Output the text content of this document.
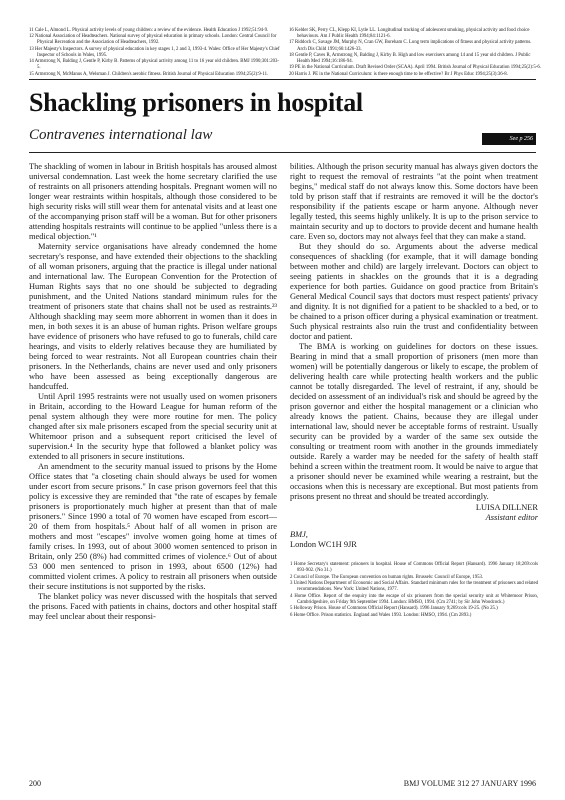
11 Cale L, Almond L. Physical activity levels of young children: a review of the evidence. Health Education J 1992;51:94-9.
12 National Association of Headteachers. National survey of physical education in primary schools. London: Central Council for Physical Recreation and the Association of Headteachers, 1992.
13 Her Majesty's Inspectors. A survey of physical education in key stages 1, 2 and 3, 1993-4. Wales: Office of Her Majesty's Chief Inspector of Schools in Wales, 1995.
14 Armstrong N, Balding J, Gentle P, Kirby B. Patterns of physical activity among 11 to 16 year old children. BMJ 1990;301:203-5.
15 Armstrong N, McManus A, Welsman J. Children's aerobic fitness. British Journal of Physical Education 1994;25(2):9-11.
16 Kelder SK, Perry CL, Klepp KI, Lytle LL. Longitudinal tracking of adolescent smoking, physical activity and food choice behaviours. Am J Public Health 1994;84:1121-6.
17 Riddoch C, Savage JM, Murphy N, Cran GW, Boreham C. Long term implications of fitness and physical activity patterns. Arch Dis Child 1991;66:1426-33.
18 Gentle P, Caves R, Armstrong N, Balding J, Kirby B. High and low exercisers among 14 and 15 year old children. J Public Health Med 1994;16:186-94.
19 PE in the National Curriculum. Draft Revised Order (SCAA). April 1994. British Journal of Physical Education 1994;25(2):5-6.
20 Harris J. PE in the National Curriculum: is there enough time to be effective? Br J Phys Educ 1994;25(3):36-8.
Shackling prisoners in hospital
Contravenes international law	See p 256

The shackling of women in labour in British hospitals has aroused almost universal condemnation. Last week the home secretary clarified the use of restraints on all prisoners attending hospitals. Pregnant women will no longer wear restraints within hospitals, although those considered to be high security risks will still wear them for antenatal visits and at least one of the accompanying prison staff will be a woman. But for other prisoners attending hospitals restraints will continue to be applied "unless there is a medical objection."¹

Maternity service organisations have already condemned the home secretary's response, and have extended their objections to the shackling of all woman prisoners, arguing that the practice is illegal under national and international law. The European Convention for the Protection of Human Rights says that no one should be subjected to degrading punishment, and the United Nations standard minimum rules for the treatment of prisoners state that chains shall not be used as restraints.²³ Although shackling may seem more abhorrent in women than it does in men, in both sexes it is an abuse of human rights. Prison welfare groups have evidence of prisoners who have refused to go to funerals, child care hearings, and visits to elderly relatives because they are humiliated by being forced to wear restraints. Not all European countries chain their prisoners. In the Netherlands, chains are never used and only prisoners who have been assessed as being exceptionally dangerous are handcuffed.

Until April 1995 restraints were not usually used on women prisoners in Britain, according to the Howard League for human reform of the penal system although they were more routine for men. The policy changed after six male prisoners escaped from the special security unit at Whitemoor prison and a subsequent report criticised the level of supervision.⁴ In the security hype that followed a blanket policy was extended to all prisoners in secure institutions.

An amendment to the security manual issued to prisons by the Home Office states that "a closeting chain should always be used for women under escort from secure prisons." In case prison governors feel that this policy is excessive they are reminded that "the rate of escapes by female prisoners is proportionately much higher at present than that of male prisoners." Since 1990 a total of 70 women have escaped from escort—20 of them from hospitals.⁵ About half of all women in prison are mothers and most "escapes" involve women going home at times of family crises. In 1993, out of about 3000 women sentenced to prison in Britain, only 250 (8%) had committed crimes of violence.⁶ Out of about 53 000 men sentenced to prison in 1993, about 6500 (12%) had committed violent crimes. A policy to restrain all prisoners when outside their secure institutions is not supported by the risks.

The blanket policy was never discussed with the hospitals that served the prisons. Faced with patients in chains, doctors and other hospital staff may feel unclear about their responsi-

bilities. Although the prison security manual has always given doctors the right to request the removal of restraints "at the point when treatment begins," medical staff do not always know this. Some doctors have been told by prison staff that if restraints are removed it will be the doctor's responsibility if the patients escape or harm anyone. Although never legally tested, this seems highly unlikely. It is up to the prison service to maintain security and up to doctors to provide decent and humane health care. Even so, doctors may not always feel that they can make a stand.

But they should do so. Arguments about the adverse medical consequences of shackling (for example, that it will damage bonding between mother and child) are largely irrelevant. Doctors can object to seeing patients in shackles on the grounds that it is a degrading experience for both parties. Guidance on good practice from Britain's General Medical Council says that doctors must respect patients' privacy and dignity. It is not dignified for a patient to be shackled to a bed, or to be chained to a prison officer during a physical examination or treatment. Such physical restraints also ruin the trust and confidentiality between doctor and patient.

The BMA is working on guidelines for doctors on these issues. Bearing in mind that a small proportion of prisoners (men more than women) will be potentially dangerous or likely to escape, the problem of delivering health care while protecting health workers and the public cannot be totally disregarded. The level of restraint, if any, should be decided on assessment of an individual's risk and should be agreed by the prison governor and either the hospital management or a clinician who already knows the patient. Chains, because they are illegal under international law, should never be acceptable forms of restraint. Usually security can be provided by a warder of the same sex outside the consulting or treatment room with another in the grounds immediately outside. Rarely a warder may be needed for the safety of health staff behind a screen within the treatment room. It would be naive to argue that a prisoner should never be examined while wearing a restraint, but the occasions when this is necessary are exceptional. But most patients from prisons present no threat and should be treated accordingly.

LUISA DILLNER
Assistant editor
BMJ,
London WC1H 9JR
1 Home Secretary's statement: prisoners in hospital. House of Commons Official Report (Hansard). 1996 January 18;269:cols 893-902. (No 31.)
2 Council of Europe. The European convention on human rights. Brussels: Council of Europe, 1953.
3 United Nations Department of Economic and Social Affairs. Standard minimum rules for the treatment of prisoners and related recommendations. New York: United Nations, 1977.
4 Home Office. Report of the enquiry into the escape of six prisoners from the special security unit at Whitemoor Prison, Cambridgeshire, on Friday 9th September 1994. London: HMSO, 1994. (Cm 2741; by Sir John Woodcock.)
5 Holloway Prison. House of Commons Official Report (Hansard). 1996 January 9;269:cols 19-25. (No 25.)
6 Home Office. Prison statistics. England and Wales 1993. London: HMSO, 1994. (Cm 2893.)
200	BMJ VOLUME 312 27 JANUARY 1996
